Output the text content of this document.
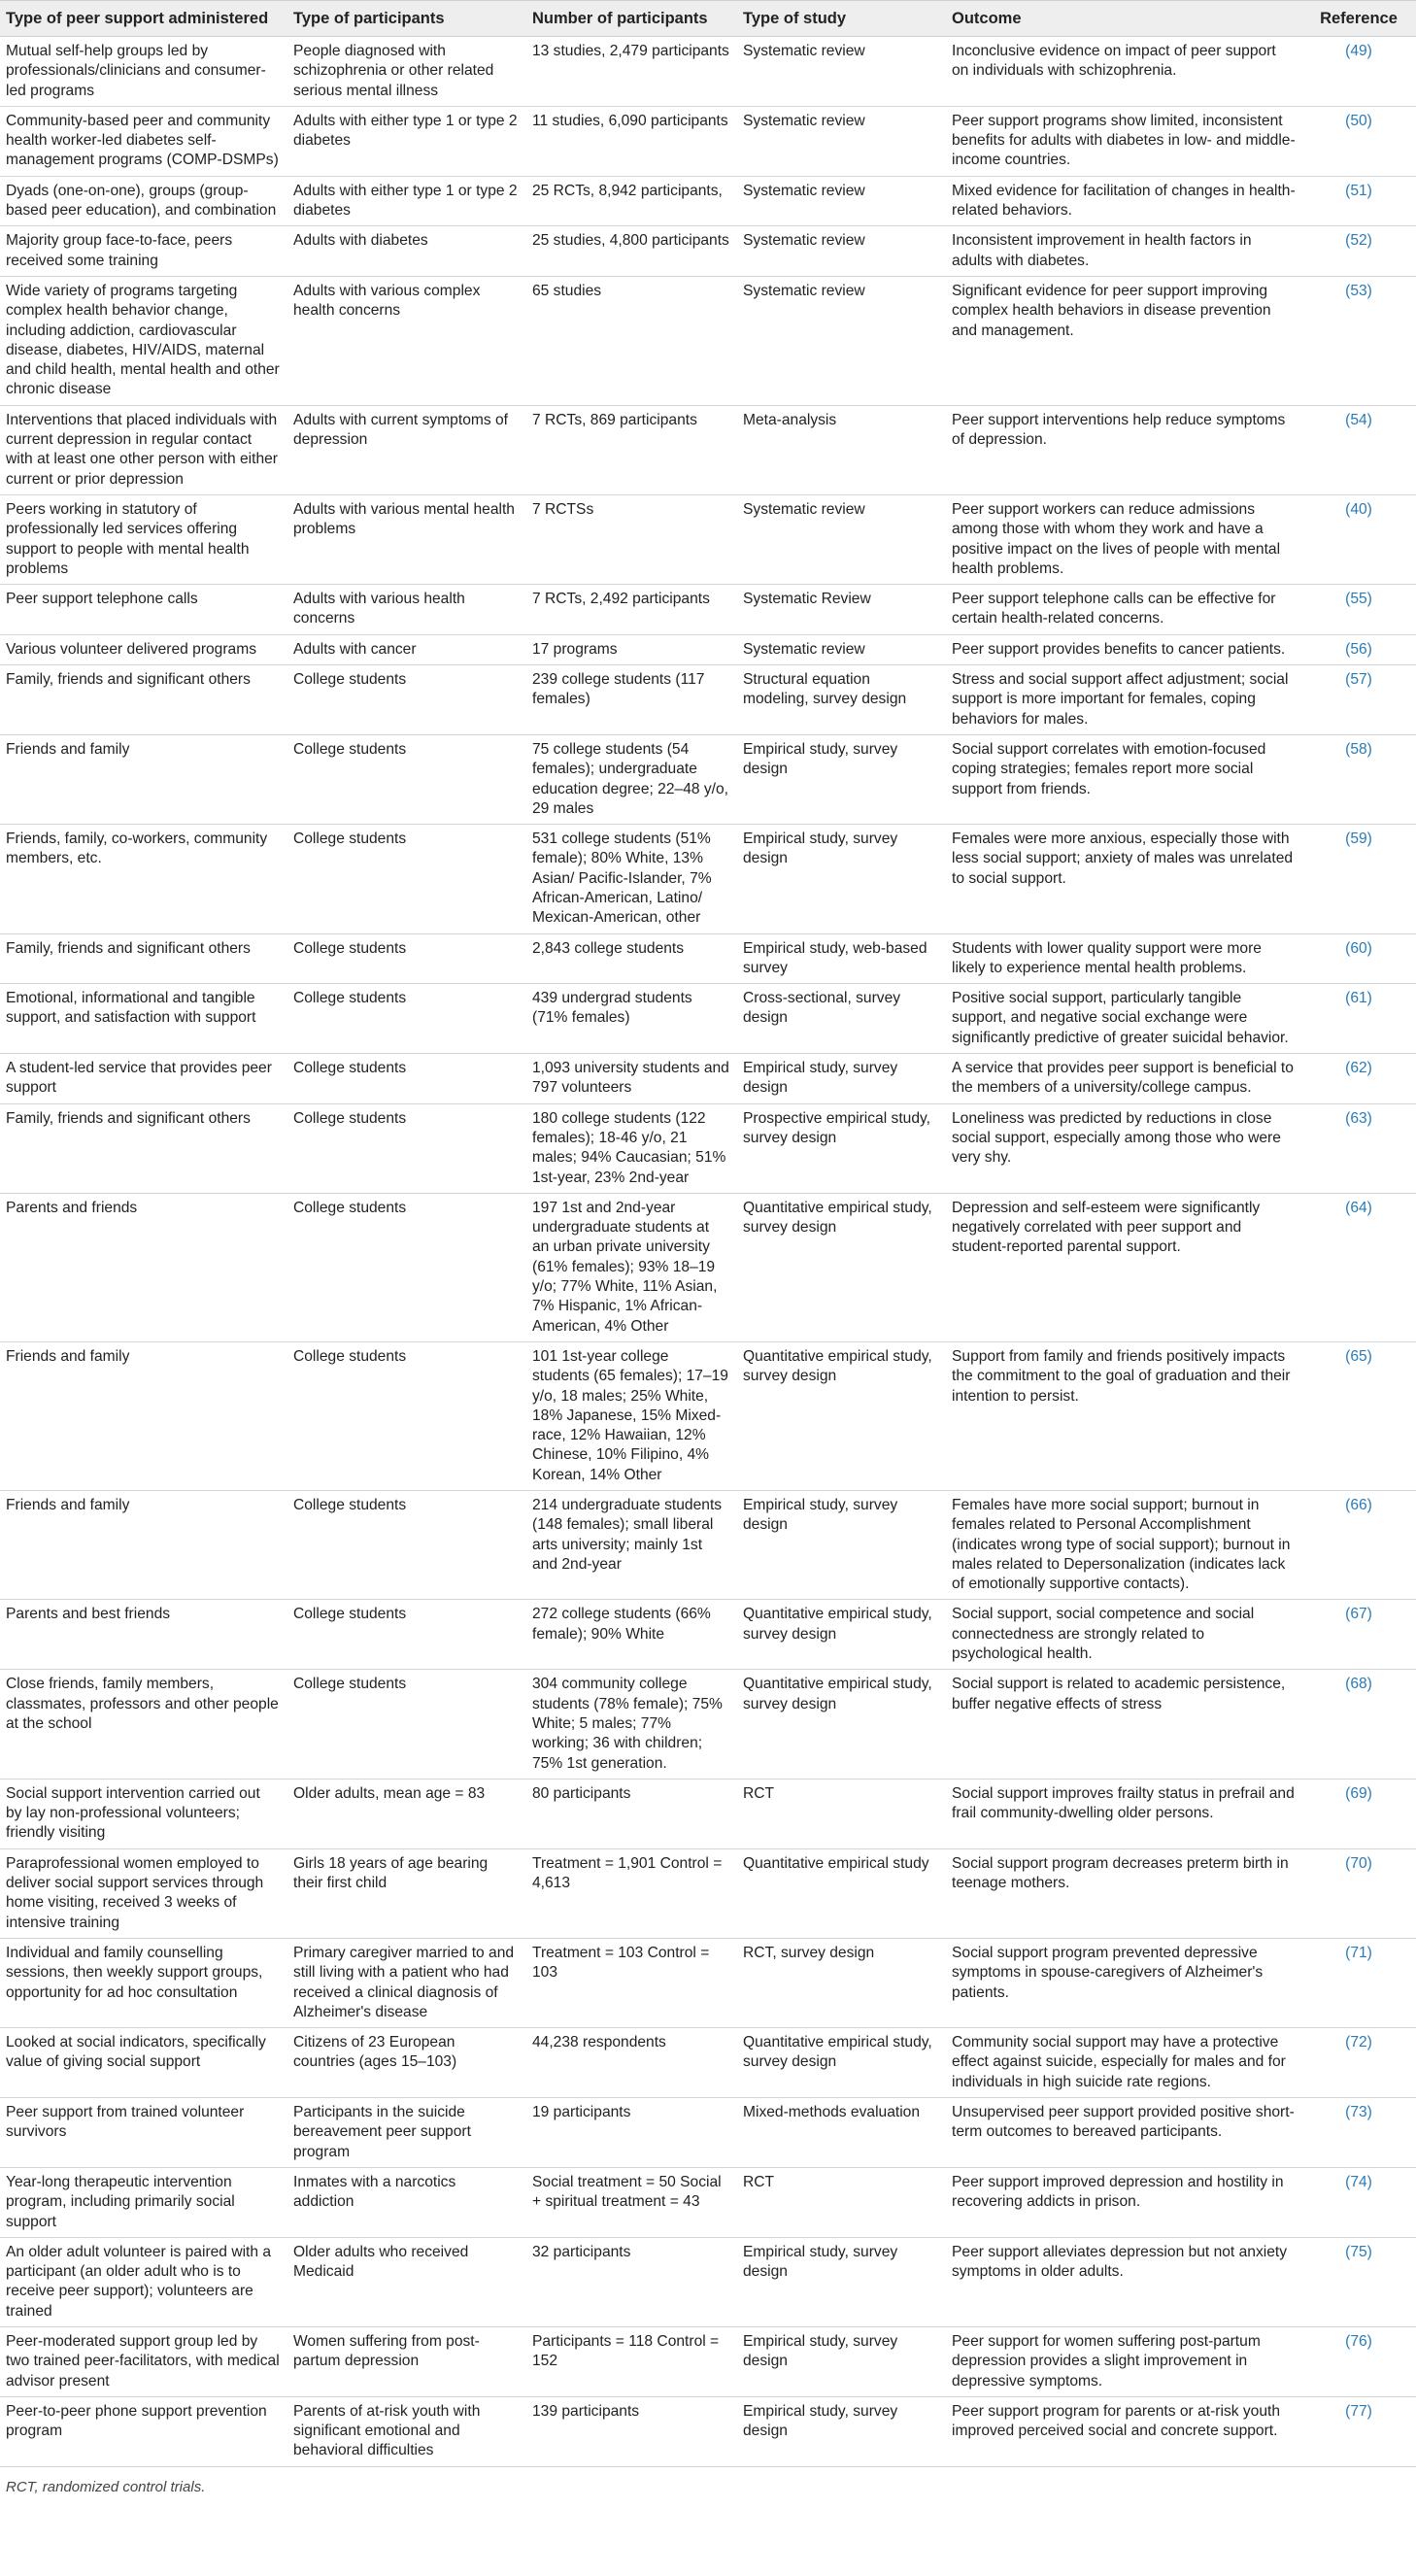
Type of peer support administered	Type of participants	Number of participants	Type of study	Outcome	Reference
Mutual self-help groups led by professionals/clinicians and consumer-led programs	People diagnosed with schizophrenia or other related serious mental illness	13 studies, 2,479 participants	Systematic review	Inconclusive evidence on impact of peer support on individuals with schizophrenia.	(49)
Community-based peer and community health worker-led diabetes self-management programs (COMP-DSMPs)	Adults with either type 1 or type 2 diabetes	11 studies, 6,090 participants	Systematic review	Peer support programs show limited, inconsistent benefits for adults with diabetes in low- and middle-income countries.	(50)
Dyads (one-on-one), groups (group-based peer education), and combination	Adults with either type 1 or type 2 diabetes	25 RCTs, 8,942 participants,	Systematic review	Mixed evidence for facilitation of changes in health-related behaviors.	(51)
Majority group face-to-face, peers received some training	Adults with diabetes	25 studies, 4,800 participants	Systematic review	Inconsistent improvement in health factors in adults with diabetes.	(52)
Wide variety of programs targeting complex health behavior change, including addiction, cardiovascular disease, diabetes, HIV/AIDS, maternal and child health, mental health and other chronic disease	Adults with various complex health concerns	65 studies	Systematic review	Significant evidence for peer support improving complex health behaviors in disease prevention and management.	(53)
Interventions that placed individuals with current depression in regular contact with at least one other person with either current or prior depression	Adults with current symptoms of depression	7 RCTs, 869 participants	Meta-analysis	Peer support interventions help reduce symptoms of depression.	(54)
Peers working in statutory of professionally led services offering support to people with mental health problems	Adults with various mental health problems	7 RCTSs	Systematic review	Peer support workers can reduce admissions among those with whom they work and have a positive impact on the lives of people with mental health problems.	(40)
Peer support telephone calls	Adults with various health concerns	7 RCTs, 2,492 participants	Systematic Review	Peer support telephone calls can be effective for certain health-related concerns.	(55)
Various volunteer delivered programs	Adults with cancer	17 programs	Systematic review	Peer support provides benefits to cancer patients.	(56)
Family, friends and significant others	College students	239 college students (117 females)	Structural equation modeling, survey design	Stress and social support affect adjustment; social support is more important for females, coping behaviors for males.	(57)
Friends and family	College students	75 college students (54 females); undergraduate education degree; 22–48 y/o, 29 males	Empirical study, survey design	Social support correlates with emotion-focused coping strategies; females report more social support from friends.	(58)
Friends, family, co-workers, community members, etc.	College students	531 college students (51% female); 80% White, 13% Asian/ Pacific-Islander, 7% African-American, Latino/ Mexican-American, other	Empirical study, survey design	Females were more anxious, especially those with less social support; anxiety of males was unrelated to social support.	(59)
Family, friends and significant others	College students	2,843 college students	Empirical study, web-based survey	Students with lower quality support were more likely to experience mental health problems.	(60)
Emotional, informational and tangible support, and satisfaction with support	College students	439 undergrad students (71% females)	Cross-sectional, survey design	Positive social support, particularly tangible support, and negative social exchange were significantly predictive of greater suicidal behavior.	(61)
A student-led service that provides peer support	College students	1,093 university students and 797 volunteers	Empirical study, survey design	A service that provides peer support is beneficial to the members of a university/college campus.	(62)
Family, friends and significant others	College students	180 college students (122 females); 18-46 y/o, 21 males; 94% Caucasian; 51% 1st-year, 23% 2nd-year	Prospective empirical study, survey design	Loneliness was predicted by reductions in close social support, especially among those who were very shy.	(63)
Parents and friends	College students	197 1st and 2nd-year undergraduate students at an urban private university (61% females); 93% 18–19 y/o; 77% White, 11% Asian, 7% Hispanic, 1% African-American, 4% Other	Quantitative empirical study, survey design	Depression and self-esteem were significantly negatively correlated with peer support and student-reported parental support.	(64)
Friends and family	College students	101 1st-year college students (65 females); 17–19 y/o, 18 males; 25% White, 18% Japanese, 15% Mixed-race, 12% Hawaiian, 12% Chinese, 10% Filipino, 4% Korean, 14% Other	Quantitative empirical study, survey design	Support from family and friends positively impacts the commitment to the goal of graduation and their intention to persist.	(65)
Friends and family	College students	214 undergraduate students (148 females); small liberal arts university; mainly 1st and 2nd-year	Empirical study, survey design	Females have more social support; burnout in females related to Personal Accomplishment (indicates wrong type of social support); burnout in males related to Depersonalization (indicates lack of emotionally supportive contacts).	(66)
Parents and best friends	College students	272 college students (66% female); 90% White	Quantitative empirical study, survey design	Social support, social competence and social connectedness are strongly related to psychological health.	(67)
Close friends, family members, classmates, professors and other people at the school	College students	304 community college students (78% female); 75% White; 5 males; 77% working; 36 with children; 75% 1st generation.	Quantitative empirical study, survey design	Social support is related to academic persistence, buffer negative effects of stress	(68)
Social support intervention carried out by lay non-professional volunteers; friendly visiting	Older adults, mean age = 83	80 participants	RCT	Social support improves frailty status in prefrail and frail community-dwelling older persons.	(69)
Paraprofessional women employed to deliver social support services through home visiting, received 3 weeks of intensive training	Girls 18 years of age bearing their first child	Treatment = 1,901 Control = 4,613	Quantitative empirical study	Social support program decreases preterm birth in teenage mothers.	(70)
Individual and family counselling sessions, then weekly support groups, opportunity for ad hoc consultation	Primary caregiver married to and still living with a patient who had received a clinical diagnosis of Alzheimer's disease	Treatment = 103 Control = 103	RCT, survey design	Social support program prevented depressive symptoms in spouse-caregivers of Alzheimer's patients.	(71)
Looked at social indicators, specifically value of giving social support	Citizens of 23 European countries (ages 15–103)	44,238 respondents	Quantitative empirical study, survey design	Community social support may have a protective effect against suicide, especially for males and for individuals in high suicide rate regions.	(72)
Peer support from trained volunteer survivors	Participants in the suicide bereavement peer support program	19 participants	Mixed-methods evaluation	Unsupervised peer support provided positive short-term outcomes to bereaved participants.	(73)
Year-long therapeutic intervention program, including primarily social support	Inmates with a narcotics addiction	Social treatment = 50 Social + spiritual treatment = 43	RCT	Peer support improved depression and hostility in recovering addicts in prison.	(74)
An older adult volunteer is paired with a participant (an older adult who is to receive peer support); volunteers are trained	Older adults who received Medicaid	32 participants	Empirical study, survey design	Peer support alleviates depression but not anxiety symptoms in older adults.	(75)
Peer-moderated support group led by two trained peer-facilitators, with medical advisor present	Women suffering from post-partum depression	Participants = 118 Control = 152	Empirical study, survey design	Peer support for women suffering post-partum depression provides a slight improvement in depressive symptoms.	(76)
Peer-to-peer phone support prevention program	Parents of at-risk youth with significant emotional and behavioral difficulties	139 participants	Empirical study, survey design	Peer support program for parents or at-risk youth improved perceived social and concrete support.	(77)
RCT, randomized control trials.
